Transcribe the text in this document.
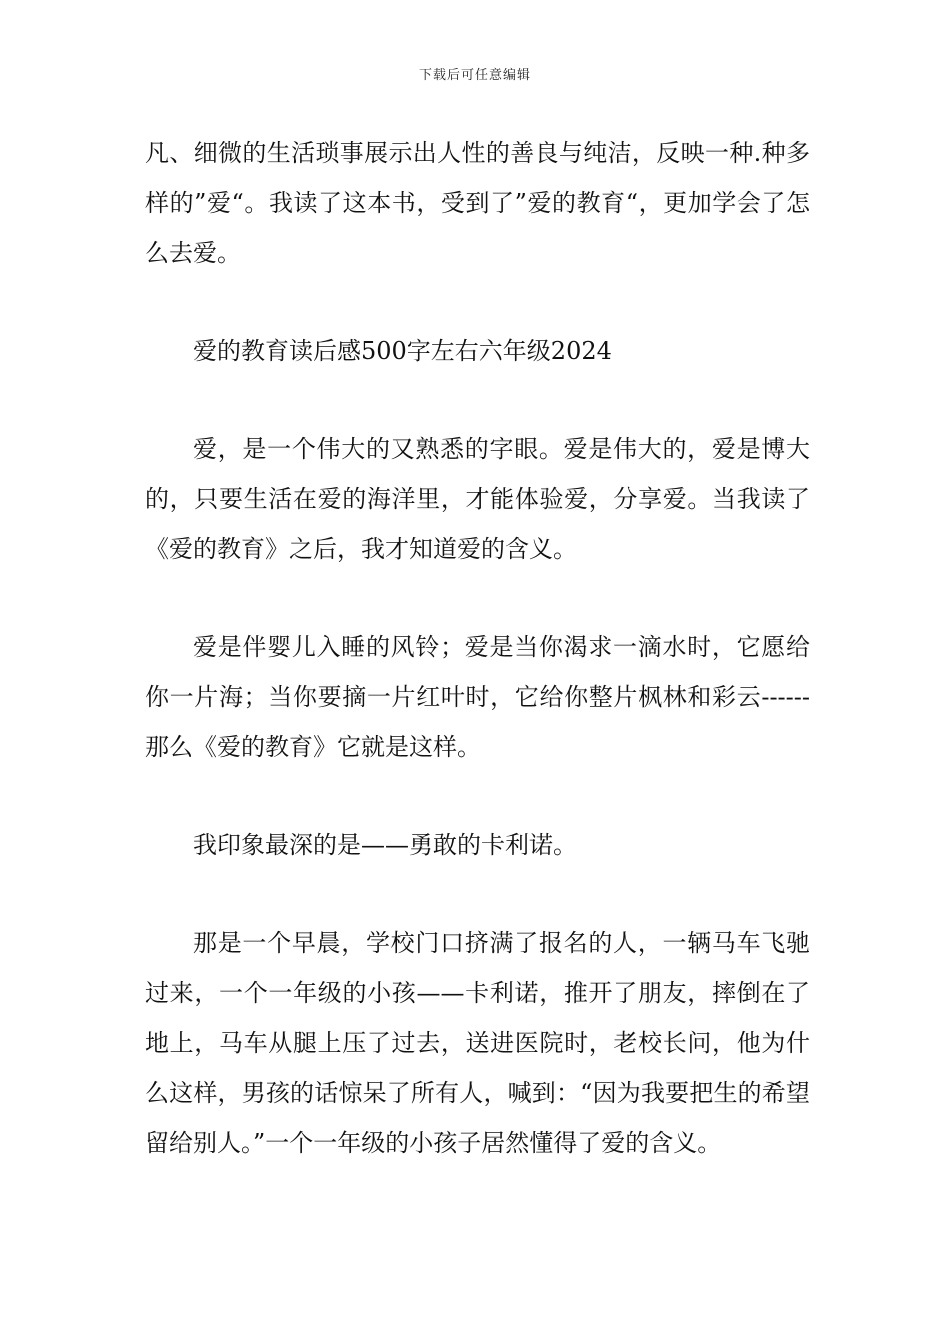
下载后可任意编辑

凡、细微的生活琐事展示出人性的善良与纯洁，反映一种.种多样的”爱“。我读了这本书，受到了”爱的教育“，更加学会了怎么去爱。

爱的教育读后感500字左右六年级2024

爱，是一个伟大的又熟悉的字眼。爱是伟大的，爱是博大的，只要生活在爱的海洋里，才能体验爱，分享爱。当我读了《爱的教育》之后，我才知道爱的含义。

爱是伴婴儿入睡的风铃；爱是当你渴求一滴水时，它愿给你一片海；当你要摘一片红叶时，它给你整片枫林和彩云------那么《爱的教育》它就是这样。

我印象最深的是——勇敢的卡利诺。

那是一个早晨，学校门口挤满了报名的人，一辆马车飞驰过来，一个一年级的小孩——卡利诺，推开了朋友，摔倒在了地上，马车从腿上压了过去，送进医院时，老校长问，他为什么这样，男孩的话惊呆了所有人，喊到：“因为我要把生的希望留给别人。”一个一年级的小孩子居然懂得了爱的含义。
